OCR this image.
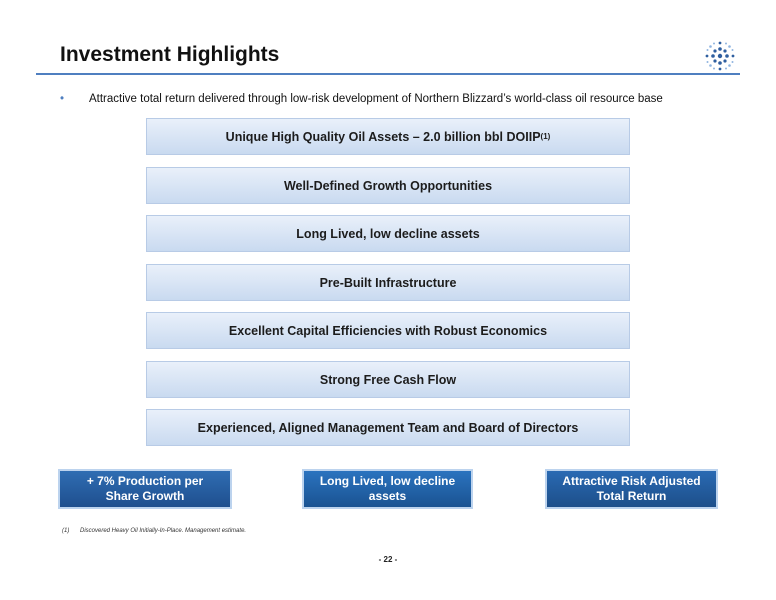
Investment Highlights
• Attractive total return delivered through low-risk development of Northern Blizzard’s world-class oil resource base
Unique High Quality Oil Assets – 2.0 billion bbl DOIIP (1)
Well-Defined Growth Opportunities
Long Lived, low decline assets
Pre-Built Infrastructure
Excellent Capital Efficiencies with Robust Economics
Strong Free Cash Flow
Experienced, Aligned Management Team and Board of Directors
+ 7% Production per
Share Growth
Long Lived, low decline
assets
Attractive Risk Adjusted
Total Return
(1) Discovered Heavy Oil Initially-In-Place. Management estimate.
- 22 -
